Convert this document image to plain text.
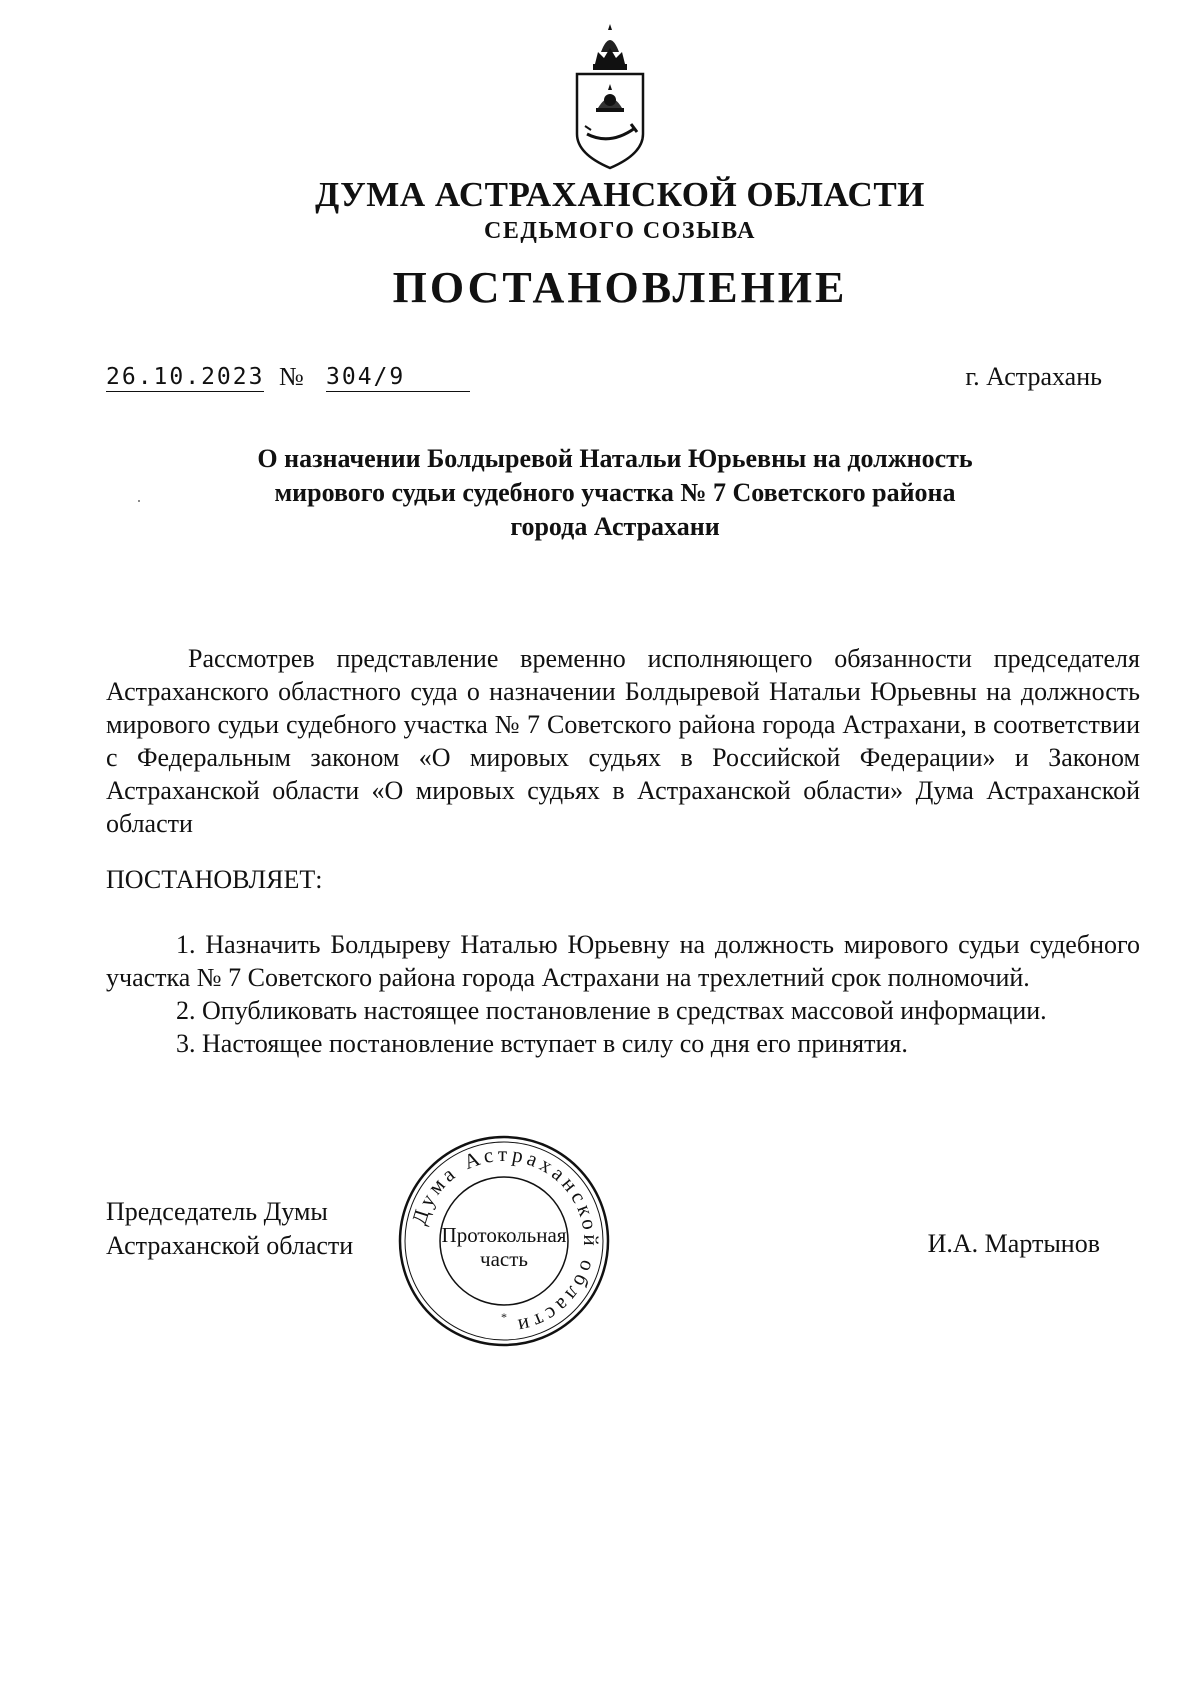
ДУМА АСТРАХАНСКОЙ ОБЛАСТИ
СЕДЬМОГО СОЗЫВА
ПОСТАНОВЛЕНИЕ
26.10.2023 № 304/9	г. Астрахань
О назначении Болдыревой Натальи Юрьевны на должность
мирового судьи судебного участка № 7 Советского района
города Астрахани
Рассмотрев представление временно исполняющего обязанности председателя Астраханского областного суда о назначении Болдыревой Натальи Юрьевны на должность мирового судьи судебного участка № 7 Советского района города Астрахани, в соответствии с Федеральным законом «О мировых судьях в Российской Федерации» и Законом Астраханской области «О мировых судьях в Астраханской области» Дума Астраханской области
ПОСТАНОВЛЯЕТ:

1. Назначить Болдыреву Наталью Юрьевну на должность мирового судьи судебного участка № 7 Советского района города Астрахани на трехлетний срок полномочий.

2. Опубликовать настоящее постановление в средствах массовой информации.

3. Настоящее постановление вступает в силу со дня его принятия.

Председатель Думы
Астраханской области
Дума Астраханской области
*
Протокольная
часть
И.А. Мартынов
